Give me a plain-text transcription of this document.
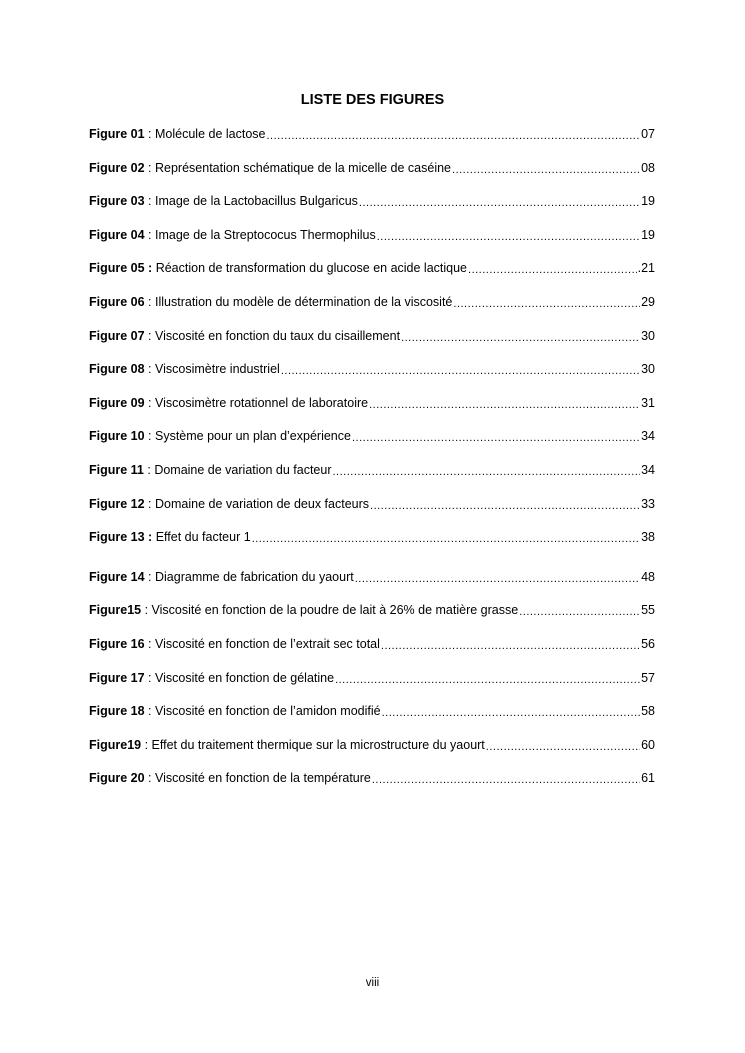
LISTE DES FIGURES
Figure 01 : Molécule de lactose .....	07
Figure 02 : Représentation schématique de la micelle de caséine .....	08
Figure 03 : Image de la Lactobacillus Bulgaricus .....	19
Figure 04 : Image de la Streptococus Thermophilus .....	19
Figure 05 :
Réaction de transformation du glucose en acide lactique .....	.21
Figure 06 : Illustration du modèle de détermination de la viscosité .....	29
Figure 07 : Viscosité en fonction du taux du cisaillement .....	30
Figure 08 : Viscosimètre industriel .....	30
Figure 09 : Viscosimètre rotationnel de laboratoire .....	31
Figure 10 : Système pour un plan d’expérience .....	34
Figure 11 : Domaine de variation du facteur .....	34
Figure 12 : Domaine de variation de deux facteurs .....	33
Figure 13 :
Effet du facteur 1 .....	38
Figure 14 : Diagramme de fabrication du yaourt .....	48
Figure15 : Viscosité en fonction de la poudre de lait à 26% de matière grasse .....	55
Figure 16 : Viscosité en fonction de l’extrait sec total .....	56
Figure 17 : Viscosité en fonction de gélatine .....	57
Figure 18 : Viscosité en fonction de l’amidon modifié .....	58
Figure19 : Effet du traitement thermique sur la microstructure du yaourt .....	60
Figure 20 : Viscosité en fonction de la température .....	61
viii
